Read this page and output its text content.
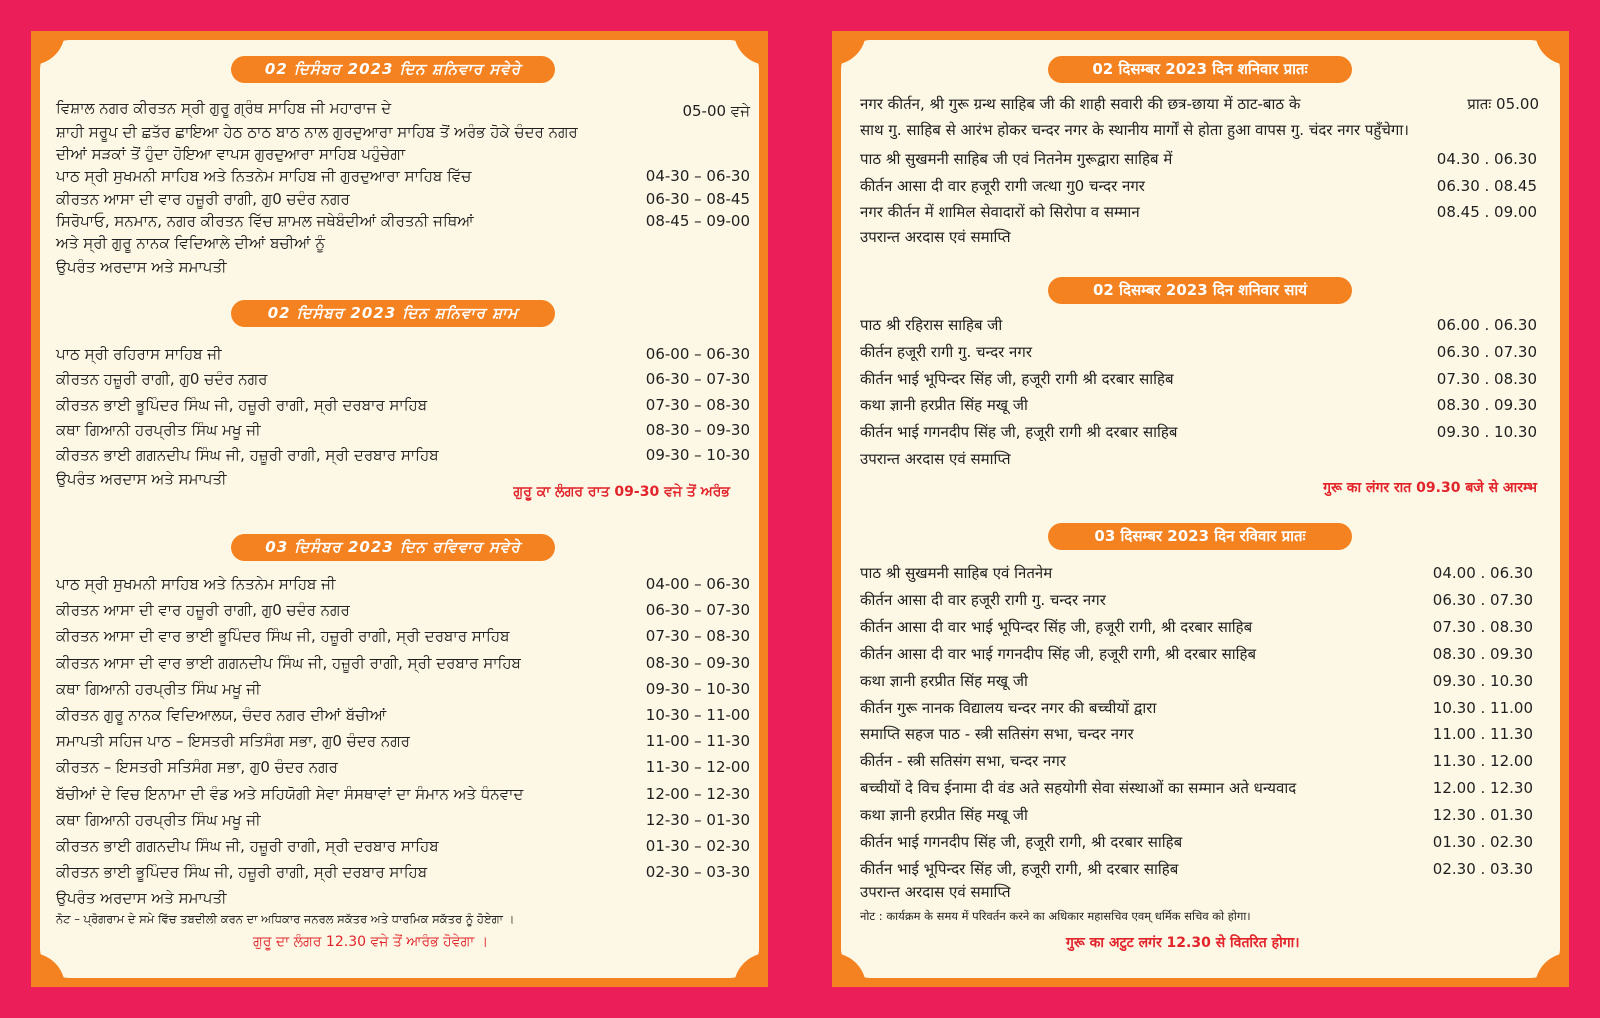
02 ਦਿਸੰਬਰ 2023 ਦਿਨ ਸ਼ਨਿਵਾਰ ਸਵੇਰੇ
ਵਿਸ਼ਾਲ ਨਗਰ ਕੀਰਤਨ ਸ੍ਰੀ ਗੁਰੂ ਗ੍ਰੰਥ ਸਾਹਿਬ ਜੀ ਮਹਾਰਾਜ ਦੇ	05-00 ਵਜੇ
ਸ਼ਾਹੀ ਸਰੂਪ ਦੀ ਛਤੱਰ ਛਾਇਆ ਹੇਠ ਠਾਠ ਬਾਠ ਨਾਲ ਗੁਰਦੁਆਰਾ ਸਾਹਿਬ ਤੋਂ ਅਰੰਭ ਹੋਕੇ ਚੰਦਰ ਨਗਰ
ਦੀਆਂ ਸੜਕਾਂ ਤੋਂ ਹੁੰਦਾ ਹੋਇਆ ਵਾਪਸ ਗੁਰਦੁਆਰਾ ਸਾਹਿਬ ਪਹੁੰਚੇਗਾ
ਪਾਠ ਸ੍ਰੀ ਸੁਖਮਨੀ ਸਾਹਿਬ ਅਤੇ ਨਿਤਨੇਮ ਸਾਹਿਬ ਜੀ ਗੁਰਦੁਆਰਾ ਸਾਹਿਬ ਵਿੱਚ	04-30 – 06-30
ਕੀਰਤਨ ਆਸਾ ਦੀ ਵਾਰ ਹਜ਼ੂਰੀ ਰਾਗੀ, ਗੁ0 ਚਦੰਰ ਨਗਰ	06-30 – 08-45
ਸਿਰੋਪਾਓ, ਸਨਮਾਨ, ਨਗਰ ਕੀਰਤਨ ਵਿੱਚ ਸ਼ਾਮਲ ਜਥੇਬੰਦੀਆਂ ਕੀਰਤਨੀ ਜਥਿਆਂ	08-45 – 09-00
ਅਤੇ ਸ੍ਰੀ ਗੁਰੂ ਨਾਨਕ ਵਿਦਿਆਲੇ ਦੀਆਂ ਬਚੀਆਂ ਨੂੰ
ਉਪਰੰਤ ਅਰਦਾਸ ਅਤੇ ਸਮਾਪਤੀ
02 ਦਿਸੰਬਰ 2023 ਦਿਨ ਸ਼ਨਿਵਾਰ ਸ਼ਾਮ
ਪਾਠ ਸ੍ਰੀ ਰਹਿਰਾਸ ਸਾਹਿਬ ਜੀ	06-00 – 06-30
ਕੀਰਤਨ ਹਜ਼ੂਰੀ ਰਾਗੀ, ਗੁ0 ਚਦੰਰ ਨਗਰ	06-30 – 07-30
ਕੀਰਤਨ ਭਾਈ ਭੂਪਿੰਦਰ ਸਿੰਘ ਜੀ, ਹਜ਼ੂਰੀ ਰਾਗੀ, ਸ੍ਰੀ ਦਰਬਾਰ ਸਾਹਿਬ	07-30 – 08-30
ਕਥਾ ਗਿਆਨੀ ਹਰਪ੍ਰੀਤ ਸਿੰਘ ਮਖੂ ਜੀ	08-30 – 09-30
ਕੀਰਤਨ ਭਾਈ ਗਗਨਦੀਪ ਸਿੰਘ ਜੀ, ਹਜ਼ੂਰੀ ਰਾਗੀ, ਸ੍ਰੀ ਦਰਬਾਰ ਸਾਹਿਬ	09-30 – 10-30
ਉਪਰੰਤ ਅਰਦਾਸ ਅਤੇ ਸਮਾਪਤੀ
ਗੁਰੂ ਕਾ ਲੰਗਰ ਰਾਤ 09-30 ਵਜੇ ਤੋਂ ਅਰੰਭ
03 ਦਿਸੰਬਰ 2023 ਦਿਨ ਰਵਿਵਾਰ ਸਵੇਰੇ
ਪਾਠ ਸ੍ਰੀ ਸੁਖਮਨੀ ਸਾਹਿਬ ਅਤੇ ਨਿਤਨੇਮ ਸਾਹਿਬ ਜੀ	04-00 – 06-30
ਕੀਰਤਨ ਆਸਾ ਦੀ ਵਾਰ ਹਜ਼ੂਰੀ ਰਾਗੀ, ਗੁ0 ਚਦੰਰ ਨਗਰ	06-30 – 07-30
ਕੀਰਤਨ ਆਸਾ ਦੀ ਵਾਰ ਭਾਈ ਭੂਪਿੰਦਰ ਸਿੰਘ ਜੀ, ਹਜ਼ੂਰੀ ਰਾਗੀ, ਸ੍ਰੀ ਦਰਬਾਰ ਸਾਹਿਬ	07-30 – 08-30
ਕੀਰਤਨ ਆਸਾ ਦੀ ਵਾਰ ਭਾਈ ਗਗਨਦੀਪ ਸਿੰਘ ਜੀ, ਹਜ਼ੂਰੀ ਰਾਗੀ, ਸ੍ਰੀ ਦਰਬਾਰ ਸਾਹਿਬ	08-30 – 09-30
ਕਥਾ ਗਿਆਨੀ ਹਰਪ੍ਰੀਤ ਸਿੰਘ ਮਖੂ ਜੀ	09-30 – 10-30
ਕੀਰਤਨ ਗੁਰੂ ਨਾਨਕ ਵਿਦਿਆਲਯ, ਚੰਦਰ ਨਗਰ ਦੀਆਂ ਬੱਚੀਆਂ	10-30 – 11-00
ਸਮਾਪਤੀ ਸਹਿਜ ਪਾਠ – ਇਸਤਰੀ ਸਤਿਸੰਗ ਸਭਾ, ਗੁ0 ਚੰਦਰ ਨਗਰ	11-00 – 11-30
ਕੀਰਤਨ – ਇਸਤਰੀ ਸਤਿਸੰਗ ਸਭਾ, ਗੁ0 ਚੰਦਰ ਨਗਰ	11-30 – 12-00
ਬੱਚੀਆਂ ਦੇ ਵਿਚ ਇਨਾਮਾ ਦੀ ਵੰਡ ਅਤੇ ਸਹਿਯੋਗੀ ਸੇਵਾ ਸੰਸਥਾਵਾਂ ਦਾ ਸੰਮਾਨ ਅਤੇ ਧੰਨਵਾਦ	12-00 – 12-30
ਕਥਾ ਗਿਆਨੀ ਹਰਪ੍ਰੀਤ ਸਿੰਘ ਮਖੂ ਜੀ	12-30 – 01-30
ਕੀਰਤਨ ਭਾਈ ਗਗਨਦੀਪ ਸਿੰਘ ਜੀ, ਹਜ਼ੂਰੀ ਰਾਗੀ, ਸ੍ਰੀ ਦਰਬਾਰ ਸਾਹਿਬ	01-30 – 02-30
ਕੀਰਤਨ ਭਾਈ ਭੂਪਿੰਦਰ ਸਿੰਘ ਜੀ, ਹਜ਼ੂਰੀ ਰਾਗੀ, ਸ੍ਰੀ ਦਰਬਾਰ ਸਾਹਿਬ	02-30 – 03-30
ਉਪਰੰਤ ਅਰਦਾਸ ਅਤੇ ਸਮਾਪਤੀ
ਨੋਟ – ਪ੍ਰੋਗਰਾਮ ਦੇ ਸਮੇ ਵਿੱਚ ਤਬਦੀਲੀ ਕਰਨ ਦਾ ਅਧਿਕਾਰ ਜਨਰਲ ਸਕੱਤਰ ਅਤੇ ਧਾਰਮਿਕ ਸਕੱਤਰ ਨੂੰ ਹੋਏਗਾ ।
ਗੁਰੂ ਦਾ ਲੰਗਰ 12.30 ਵਜੇ ਤੋਂ ਆਰੰਭ ਹੋਵੇਗਾ ।
02 दिसम्बर 2023 दिन शनिवार प्रातः
नगर कीर्तन, श्री गुरू ग्रन्थ साहिब जी की शाही सवारी की छत्र-छाया में ठाट-बाठ के	प्रातः 05.00
साथ गु. साहिब से आरंभ होकर चन्दर नगर के स्थानीय मार्गों से होता हुआ वापस गु. चंदर नगर पहुँचेगा।
पाठ श्री सुखमनी साहिब जी एवं नितनेम गुरूद्वारा साहिब में	04.30 . 06.30
कीर्तन आसा दी वार हजूरी रागी जत्था गु0 चन्दर नगर	06.30 . 08.45
नगर कीर्तन में शामिल सेवादारों को सिरोपा व सम्मान	08.45 . 09.00
उपरान्त अरदास एवं समाप्ति
02 दिसम्बर 2023 दिन शनिवार सायं
पाठ श्री रहिरास साहिब जी	06.00 . 06.30
कीर्तन हजूरी रागी गु. चन्दर नगर	06.30 . 07.30
कीर्तन भाई भूपिन्दर सिंह जी, हजूरी रागी श्री दरबार साहिब	07.30 . 08.30
कथा ज्ञानी हरप्रीत सिंह मखू जी	08.30 . 09.30
कीर्तन भाई गगनदीप सिंह जी, हजूरी रागी श्री दरबार साहिब	09.30 . 10.30
उपरान्त अरदास एवं समाप्ति
गुरू का लंगर रात 09.30 बजे से आरम्भ
03 दिसम्बर 2023 दिन रविवार प्रातः
पाठ श्री सुखमनी साहिब एवं नितनेम	04.00 . 06.30
कीर्तन आसा दी वार हजूरी रागी गु. चन्दर नगर	06.30 . 07.30
कीर्तन आसा दी वार भाई भूपिन्दर सिंह जी, हजूरी रागी, श्री दरबार साहिब	07.30 . 08.30
कीर्तन आसा दी वार भाई गगनदीप सिंह जी, हजूरी रागी, श्री दरबार साहिब	08.30 . 09.30
कथा ज्ञानी हरप्रीत सिंह मखू जी	09.30 . 10.30
कीर्तन गुरू नानक विद्यालय चन्दर नगर की बच्चीयों द्वारा	10.30 . 11.00
समाप्ति सहज पाठ - स्त्री सतिसंग सभा, चन्दर नगर	11.00 . 11.30
कीर्तन - स्त्री सतिसंग सभा, चन्दर नगर	11.30 . 12.00
बच्चीयों दे विच ईनामा दी वंड अते सहयोगी सेवा संस्थाओं का सम्मान अते धन्यवाद	12.00 . 12.30
कथा ज्ञानी हरप्रीत सिंह मखू जी	12.30 . 01.30
कीर्तन भाई गगनदीप सिंह जी, हजूरी रागी, श्री दरबार साहिब	01.30 . 02.30
कीर्तन भाई भूपिन्दर सिंह जी, हजूरी रागी, श्री दरबार साहिब	02.30 . 03.30
उपरान्त अरदास एवं समाप्ति
नोट : कार्यक्रम के समय में परिवर्तन करने का अधिकार महासचिव एवम् धर्मिक सचिव को होगा।
गुरू का अटुट लगंर 12.30 से वितरित होगा।
